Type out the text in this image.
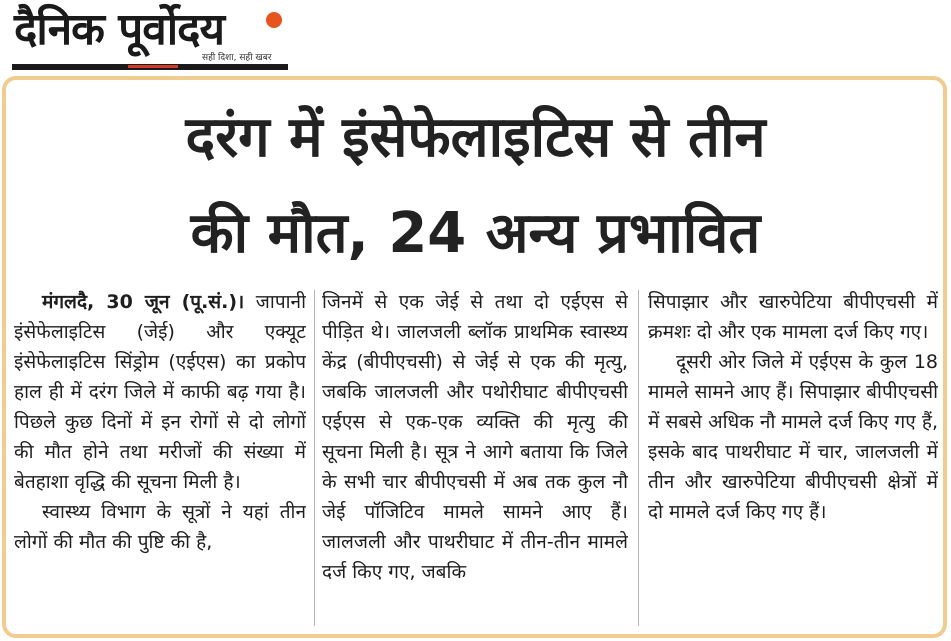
दैनिक पूर्वोदय
सही दिशा, सही खबर
दरंग में इंसेफेलाइटिस से तीन
की मौत, 24 अन्य प्रभावित

मंगलदै, 30 जून (पू.सं.)। जापानी इंसेफेलाइटिस (जेई) और एक्यूट इंसेफेलाइटिस सिंड्रोम (एईएस) का प्रकोप हाल ही में दरंग जिले में काफी बढ़ गया है। पिछले कुछ दिनों में इन रोगों से दो लोगों की मौत होने तथा मरीजों की संख्या में बेतहाशा वृद्धि की सूचना मिली है।

स्वास्थ्य विभाग के सूत्रों ने यहां तीन लोगों की मौत की पुष्टि की है,

जिनमें से एक जेई से तथा दो एईएस से पीड़ित थे। जालजली ब्लॉक प्राथमिक स्वास्थ्य केंद्र (बीपीएचसी) से जेई से एक की मृत्यु, जबकि जालजली और पथोरीघाट बीपीएचसी एईएस से एक-एक व्यक्ति की मृत्यु की सूचना मिली है। सूत्र ने आगे बताया कि जिले के सभी चार बीपीएचसी में अब तक कुल नौ जेई पॉजिटिव मामले सामने आए हैं। जालजली और पाथरीघाट में तीन-तीन मामले दर्ज किए गए, जबकि

सिपाझार और खारुपेटिया बीपीएचसी में क्रमशः दो और एक मामला दर्ज किए गए।

दूसरी ओर जिले में एईएस के कुल 18 मामले सामने आए हैं। सिपाझार बीपीएचसी में सबसे अधिक नौ मामले दर्ज किए गए हैं, इसके बाद पाथरीघाट में चार, जालजली में तीन और खारुपेटिया बीपीएचसी क्षेत्रों में दो मामले दर्ज किए गए हैं।
